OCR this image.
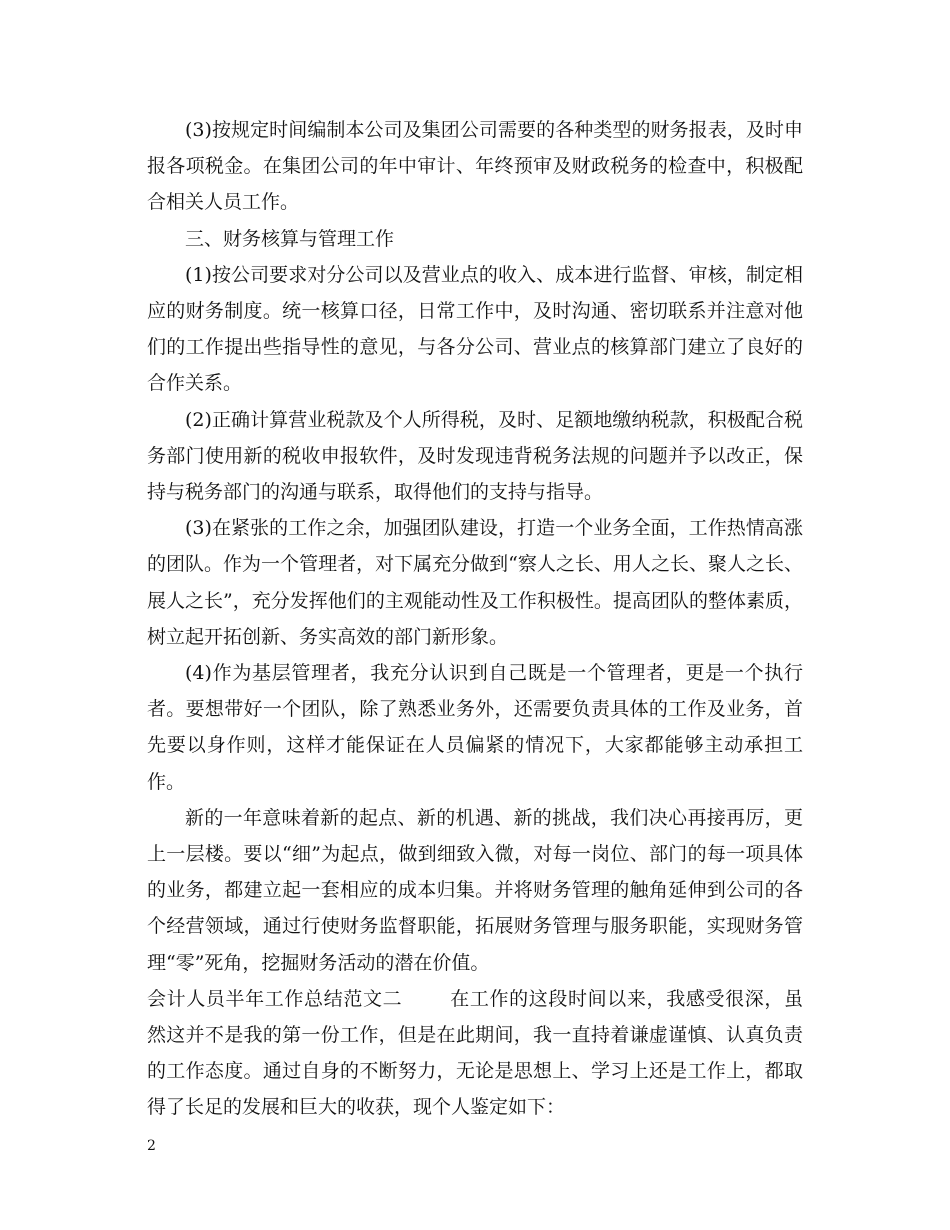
(3)按规定时间编制本公司及集团公司需要的各种类型的财务报表，及时申报各项税金。在集团公司的年中审计、年终预审及财政税务的检查中，积极配合相关人员工作。

三、财务核算与管理工作

(1)按公司要求对分公司以及营业点的收入、成本进行监督、审核，制定相应的财务制度。统一核算口径，日常工作中，及时沟通、密切联系并注意对他们的工作提出些指导性的意见，与各分公司、营业点的核算部门建立了良好的合作关系。

(2)正确计算营业税款及个人所得税，及时、足额地缴纳税款，积极配合税务部门使用新的税收申报软件，及时发现违背税务法规的问题并予以改正，保持与税务部门的沟通与联系，取得他们的支持与指导。

(3)在紧张的工作之余，加强团队建设，打造一个业务全面，工作热情高涨的团队。作为一个管理者，对下属充分做到“察人之长、用人之长、聚人之长、展人之长”，充分发挥他们的主观能动性及工作积极性。提高团队的整体素质，树立起开拓创新、务实高效的部门新形象。

(4)作为基层管理者，我充分认识到自己既是一个管理者，更是一个执行者。要想带好一个团队，除了熟悉业务外，还需要负责具体的工作及业务，首先要以身作则，这样才能保证在人员偏紧的情况下，大家都能够主动承担工作。

新的一年意味着新的起点、新的机遇、新的挑战，我们决心再接再厉，更上一层楼。要以“细”为起点，做到细致入微，对每一岗位、部门的每一项具体的业务，都建立起一套相应的成本归集。并将财务管理的触角延伸到公司的各个经营领域，通过行使财务监督职能，拓展财务管理与服务职能，实现财务管理“零”死角，挖掘财务活动的潜在价值。

会计人员半年工作总结范文二	在工作的这段时间以来，我感受很深，虽然这并不是我的第一份工作，但是在此期间，我一直持着谦虚谨慎、认真负责的工作态度。通过自身的不断努力，无论是思想上、学习上还是工作上，都取得了长足的发展和巨大的收获，现个人鉴定如下：

2
